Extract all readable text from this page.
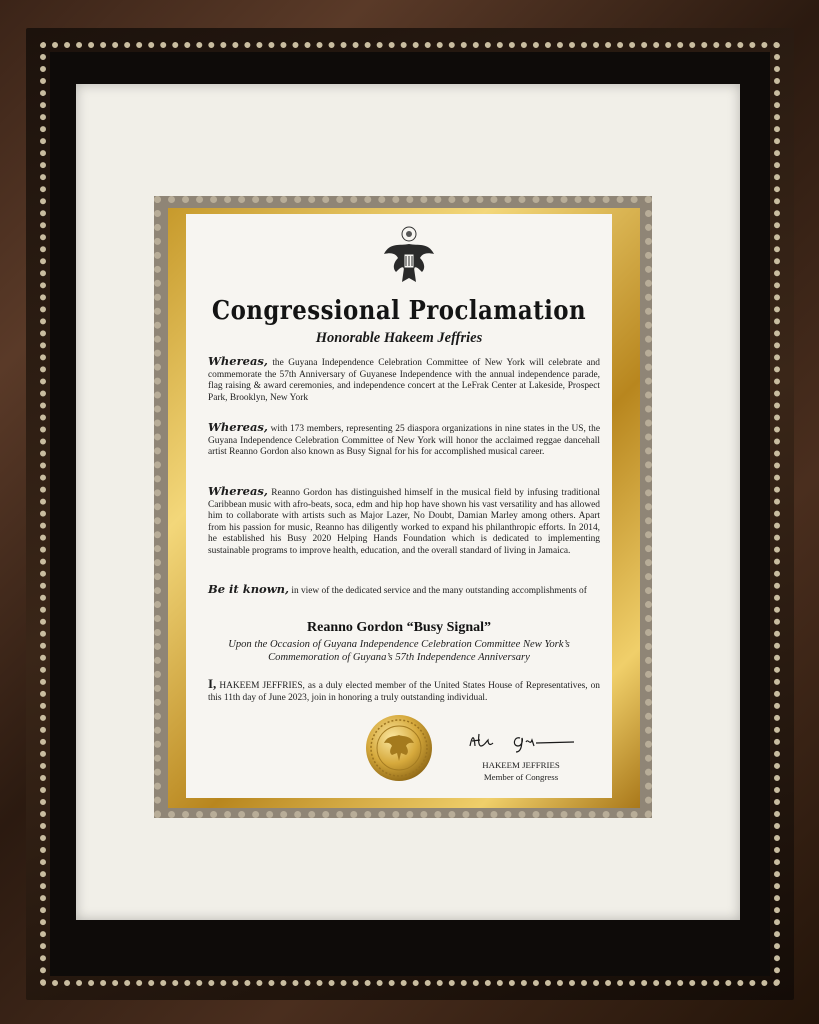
Congressional Proclamation
Honorable Hakeem Jeffries
Whereas, the Guyana Independence Celebration Committee of New York will celebrate and commemorate the 57th Anniversary of Guyanese Independence with the annual independence parade, flag raising & award ceremonies, and independence concert at the LeFrak Center at Lakeside, Prospect Park, Brooklyn, New York
Whereas, with 173 members, representing 25 diaspora organizations in nine states in the US, the Guyana Independence Celebration Committee of New York will honor the acclaimed reggae dancehall artist Reanno Gordon also known as Busy Signal for his for accomplished musical career.
Whereas, Reanno Gordon has distinguished himself in the musical field by infusing traditional Caribbean music with afro-beats, soca, edm and hip hop have shown his vast versatility and has allowed him to collaborate with artists such as Major Lazer, No Doubt, Damian Marley among others. Apart from his passion for music, Reanno has diligently worked to expand his philanthropic efforts. In 2014, he established his Busy 2020 Helping Hands Foundation which is dedicated to implementing sustainable programs to improve health, education, and the overall standard of living in Jamaica.
Be it known, in view of the dedicated service and the many outstanding accomplishments of
Reanno Gordon “Busy Signal”
Upon the Occasion of Guyana Independence Celebration Committee New York’s Commemoration of Guyana’s 57th Independence Anniversary
I, HAKEEM JEFFRIES, as a duly elected member of the United States House of Representatives, on this 11th day of June 2023, join in honoring a truly outstanding individual.
HAKEEM JEFFRIES
Member of Congress
